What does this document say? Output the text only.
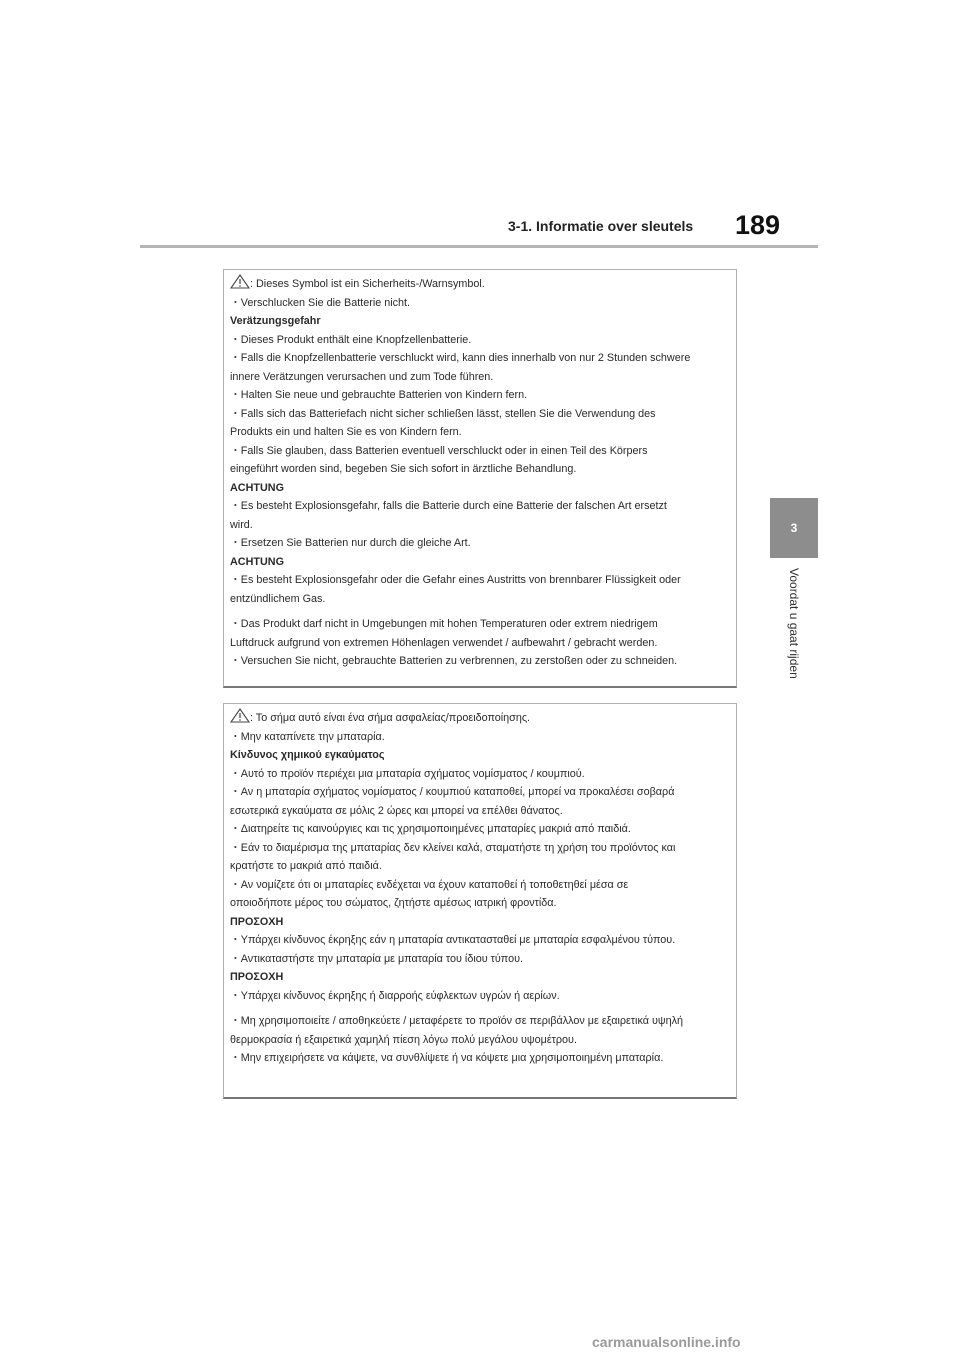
3-1. Informatie over sleutels 189
3
Voordat u gaat rijden

: Dieses Symbol ist ein Sicherheits-/Warnsymbol.

・Verschlucken Sie die Batterie nicht.

Verätzungsgefahr

・Dieses Produkt enthält eine Knopfzellenbatterie.

・Falls die Knopfzellenbatterie verschluckt wird, kann dies innerhalb von nur 2 Stunden schwere

innere Verätzungen verursachen und zum Tode führen.

・Halten Sie neue und gebrauchte Batterien von Kindern fern.

・Falls sich das Batteriefach nicht sicher schließen lässt, stellen Sie die Verwendung des

Produkts ein und halten Sie es von Kindern fern.

・Falls Sie glauben, dass Batterien eventuell verschluckt oder in einen Teil des Körpers

eingeführt worden sind, begeben Sie sich sofort in ärztliche Behandlung.

ACHTUNG

・Es besteht Explosionsgefahr, falls die Batterie durch eine Batterie der falschen Art ersetzt

wird.

・Ersetzen Sie Batterien nur durch die gleiche Art.

ACHTUNG

・Es besteht Explosionsgefahr oder die Gefahr eines Austritts von brennbarer Flüssigkeit oder

entzündlichem Gas.

・Das Produkt darf nicht in Umgebungen mit hohen Temperaturen oder extrem niedrigem

Luftdruck aufgrund von extremen Höhenlagen verwendet / aufbewahrt / gebracht werden.

・Versuchen Sie nicht, gebrauchte Batterien zu verbrennen, zu zerstoßen oder zu schneiden.

: Το σήμα αυτό είναι ένα σήμα ασφαλείας/προειδοποίησης.

・Μην καταπίνετε την μπαταρία.

Κίνδυνος χημικού εγκαύματος

・Αυτό το προϊόν περιέχει μια μπαταρία σχήματος νομίσματος / κουμπιού.

・Αν η μπαταρία σχήματος νομίσματος / κουμπιού καταποθεί, μπορεί να προκαλέσει σοβαρά

εσωτερικά εγκαύματα σε μόλις 2 ώρες και μπορεί να επέλθει θάνατος.

・Διατηρείτε τις καινούργιες και τις χρησιμοποιημένες μπαταρίες μακριά από παιδιά.

・Εάν το διαμέρισμα της μπαταρίας δεν κλείνει καλά, σταματήστε τη χρήση του προϊόντος και

κρατήστε το μακριά από παιδιά.

・Αν νομίζετε ότι οι μπαταρίες ενδέχεται να έχουν καταποθεί ή τοποθετηθεί μέσα σε

οποιοδήποτε μέρος του σώματος, ζητήστε αμέσως ιατρική φροντίδα.

ΠΡΟΣΟΧΗ

・Υπάρχει κίνδυνος έκρηξης εάν η μπαταρία αντικατασταθεί με μπαταρία εσφαλμένου τύπου.

・Αντικαταστήστε την μπαταρία με μπαταρία του ίδιου τύπου.

ΠΡΟΣΟΧΗ

・Υπάρχει κίνδυνος έκρηξης ή διαρροής εύφλεκτων υγρών ή αερίων.

・Μη χρησιμοποιείτε / αποθηκεύετε / μεταφέρετε το προϊόν σε περιβάλλον με εξαιρετικά υψηλή

θερμοκρασία ή εξαιρετικά χαμηλή πίεση λόγω πολύ μεγάλου υψομέτρου.

・Μην επιχειρήσετε να κάψετε, να συνθλίψετε ή να κόψετε μια χρησιμοποιημένη μπαταρία.

carmanualsonline.info
